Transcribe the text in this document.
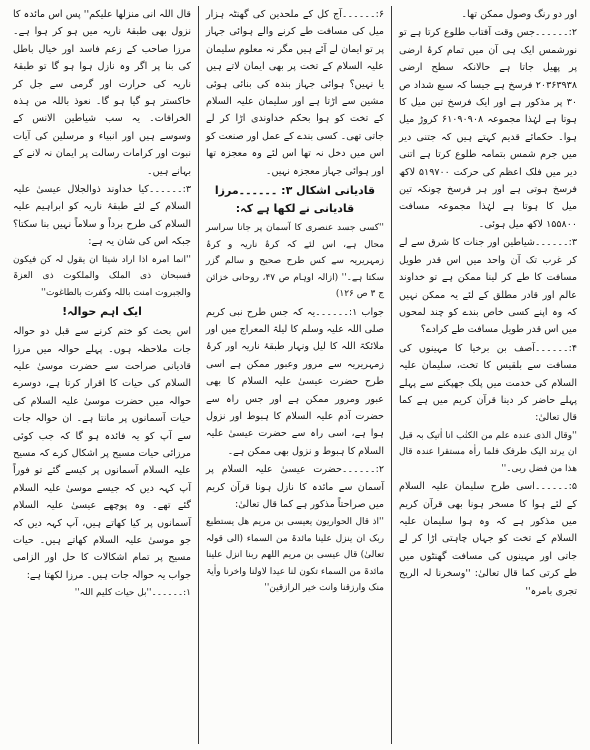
اور دو رنگ وصول ممکن تھا۔

۲:۔۔۔۔۔۔جس وقت آفتاب طلوع کرتا ہے تو نورشمس ایک ہی آن میں تمام کرۂ ارضی پر پھیل جاتا ہے حالانکہ سطح ارضی ۲۰۳۶۳۹۳۸ فرسخ ہے جیسا کہ سبع شداد ص ۳۰ پر مذکور ہے اور ایک فرسخ تین میل کا ہوتا ہے لہٰذا مجموعہ ۶۱۰۹۰۹۰۸ کروڑ میل ہوا۔ حکمائے قدیم کہتے ہیں کہ جتنی دیر میں جرم شمس بتمامہ طلوع کرتا ہے اتنی دیر میں فلک اعظم کی حرکت ۵۱۹۷۰۰ لاکھ فرسخ ہوتی ہے اور ہر فرسخ چونکہ تین میل کا ہوتا ہے لہٰذا مجموعہ مسافت ۱۵۵۸۰۰ لاکھ میل ہوئی۔

۳:۔۔۔۔۔۔شیاطین اور جنات کا شرق سے لے کر غرب تک آن واحد میں اس قدر طویل مسافت کا طے کر لینا ممکن ہے تو خداوند عالم اور قادر مطلق کے لئے یہ ممکن نہیں کہ وہ اپنے کسی خاص بندے کو چند لمحوں میں اس قدر طویل مسافت طے کرادے؟

۴:۔۔۔۔۔۔آصف بن برخیا کا مہینوں کی مسافت سے بلقیس کا تخت، سلیمان علیہ السلام کی خدمت میں پلک جھپکنے سے پہلے پہلے حاضر کر دینا قرآن کریم میں ہے کما قال تعالیٰ:

''وقال الذی عندہ علم من الکتٰب انا اٰتیک بہ قبل ان یرتد الیک طرفک فلما راٰہ مستقرا عندہ قال ھذا من فضل ربی۔''

۵:۔۔۔۔۔۔اسی طرح سلیمان علیہ السلام کے لئے ہوا کا مسخر ہونا بھی قرآن کریم میں مذکور ہے کہ وہ ہوا سلیمان علیہ السلام کے تخت کو جہاں چاہتی اڑا کر لے جاتی اور مہینوں کی مسافت گھنٹوں میں طے کرتی کما قال تعالیٰ: ''وسخرنا لہ الریح تجری بامرہ''

۶:۔۔۔۔۔۔آج کل کے ملحدین کی گھنٹہ ہزار میل کی مسافت طے کرنے والے ہوائی جہاز پر تو ایمان لے آئے ہیں مگر نہ معلوم سلیمان علیہ السلام کے تخت پر بھی ایمان لاتے ہیں یا نہیں؟ ہوائی جہاز بندہ کی بنائی ہوئی مشین سے اڑتا ہے اور سلیمان علیہ السلام کے تخت کو ہوا بحکم خداوندی اڑا کر لے جاتی تھی۔ کسی بندے کے عمل اور صنعت کو اس میں دخل نہ تھا اس لئے وہ معجزہ تھا اور ہوائی جہاز معجزہ نہیں۔

قادیانی اشکال ۳: ۔۔۔۔۔۔مرزا قادیانی نے لکھا ہے کہ:

''کسی جسد عنصری کا آسمان پر جانا سراسر محال ہے، اس لئے کہ کرۂ ناریہ و کرۂ زمہریریہ سے کس طرح صحیح و سالم گزر سکتا ہے۔'' (ازالہ اوہام ص ۴۷، روحانی خزائن ج ۳ ص ۱۲۶)

جواب ۱:۔۔۔۔۔۔یہ کہ جس طرح نبی کریم صلی اللہ علیہ وسلم کا لیلۃ المعراج میں اور ملائکۃ اللہ کا لیل ونہار طبقۂ ناریہ اور کرۂ زمہریریہ سے مرور وعبور ممکن ہے اسی طرح حضرت عیسیٰ علیہ السلام کا بھی عبور ومرور ممکن ہے اور جس راہ سے حضرت آدم علیہ السلام کا ہبوط اور نزول ہوا ہے، اسی راہ سے حضرت عیسیٰ علیہ السلام کا ہبوط و نزول بھی ممکن ہے۔

۲:۔۔۔۔۔۔حضرت عیسیٰ علیہ السلام پر آسمان سے مائدہ کا نازل ہونا قرآن کریم میں صراحتاً مذکور ہے کما قال تعالیٰ:

''اذ قال الحواریون یعیسی بن مریم ھل یستطیع ربک ان ینزل علینا مائدۃ من السماء (الی قولہ تعالیٰ) قال عیسی بن مریم اللھم ربنا انزل علینا مائدۃ من السماء تکون لنا عیدا لاولنا واخرنا واٰیۃ منک وارزقنا وانت خیر الرازقین''

قال اللہ انی منزلھا علیکم'' پس اس مائدہ کا نزول بھی طبقۂ ناریہ میں ہو کر ہوا ہے۔ مرزا صاحب کے زعم فاسد اور خیال باطل کی بنا پر اگر وہ نازل ہوا ہو گا تو طبقۂ ناریہ کی حرارت اور گرمی سے جل کر خاکستر ہو گیا ہو گا۔ نعوذ باللہ من ہذہ الخرافات۔ یہ سب شیاطین الانس کے وسوسے ہیں اور انبیاء و مرسلین کی آیات نبوت اور کرامات رسالت پر ایمان نہ لانے کے بہانے ہیں۔

۳:۔۔۔۔۔۔کیا خداوند ذوالجلال عیسیٰ علیہ السلام کے لئے طبقۂ ناریہ کو ابراہیم علیہ السلام کی طرح برداً و سلاماً نہیں بنا سکتا؟ جبکہ اس کی شان یہ ہے:

''انما امرہ اذا اراد شیئا ان یقول لہ کن فیکون فسبحان ذی الملک والملکوت ذی العزۃ والجبروت امنت باللہ وکفرت بالطاغوت''

ایک اہم حوالہ!

اس بحث کو ختم کرنے سے قبل دو حوالہ جات ملاحظہ ہوں۔ پہلے حوالہ میں مرزا قادیانی صراحت سے حضرت موسیٰ علیہ السلام کی حیات کا اقرار کرتا ہے، دوسرے حوالہ میں حضرت موسیٰ علیہ السلام کی حیات آسمانوں پر مانتا ہے۔ ان حوالہ جات سے آپ کو یہ فائدہ ہو گا کہ جب کوئی مرزائی حیات مسیح پر اشکال کرے کہ مسیح علیہ السلام آسمانوں پر کیسے گئے تو فوراً آپ کہہ دیں کہ جیسے موسیٰ علیہ السلام گئے تھے۔ وہ پوچھے عیسیٰ علیہ السلام آسمانوں پر کیا کھاتے ہیں، آپ کہہ دیں کہ جو موسیٰ علیہ السلام کھاتے ہیں۔ حیات مسیح پر تمام اشکالات کا حل اور الزامی جواب یہ حوالہ جات ہیں۔ مرزا لکھتا ہے:

۱:۔۔۔۔۔۔''بل حیات کلیم اللہ''
